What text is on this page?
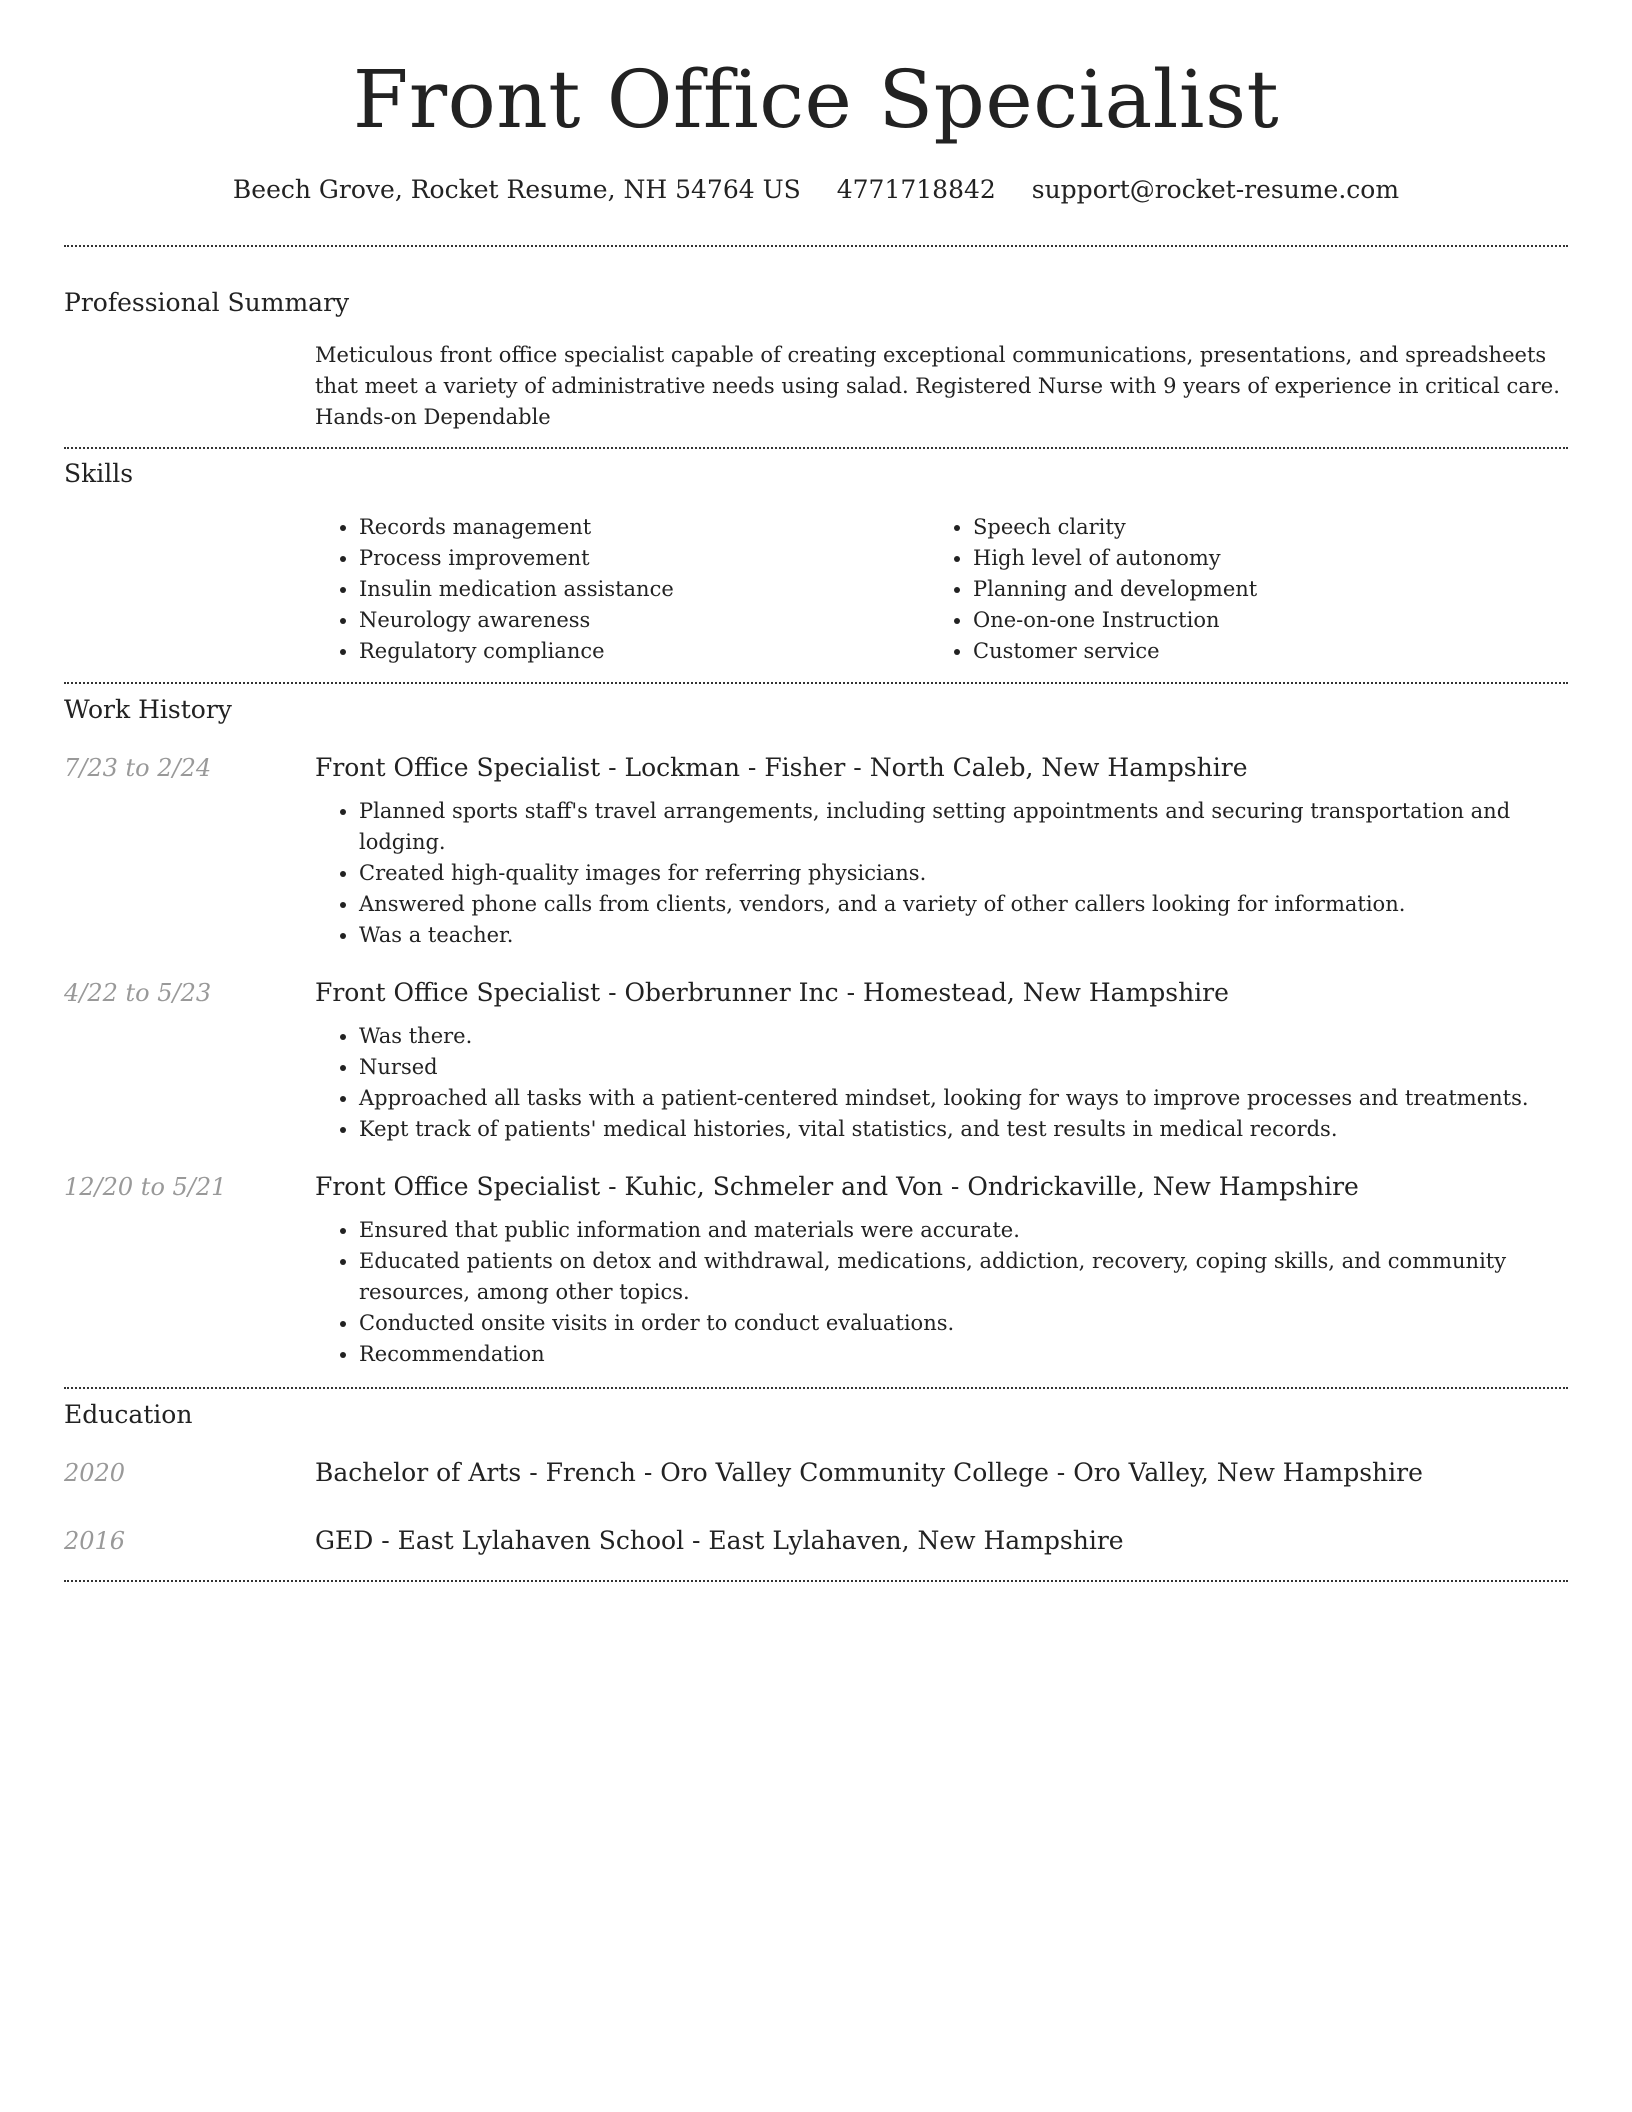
Front Office Specialist
Beech Grove, Rocket Resume, NH 54764 US 4771718842 support@rocket-resume.com
Professional Summary

Meticulous front office specialist capable of creating exceptional communications, presentations, and spreadsheets that meet a variety of administrative needs using salad. Registered Nurse with 9 years of experience in critical care. Hands-on Dependable

Skills
• Records management
• Process improvement
• Insulin medication assistance
• Neurology awareness
• Regulatory compliance
• Speech clarity
• High level of autonomy
• Planning and development
• One-on-one Instruction
• Customer service
Work History
7/23 to 2/24	Front Office Specialist - Lockman - Fisher - North Caleb, New Hampshire
• Planned sports staff's travel arrangements, including setting appointments and securing transportation and lodging.
• Created high-quality images for referring physicians.
• Answered phone calls from clients, vendors, and a variety of other callers looking for information.
• Was a teacher.
4/22 to 5/23	Front Office Specialist - Oberbrunner Inc - Homestead, New Hampshire
• Was there.
• Nursed
• Approached all tasks with a patient-centered mindset, looking for ways to improve processes and treatments.
• Kept track of patients' medical histories, vital statistics, and test results in medical records.
12/20 to 5/21	Front Office Specialist - Kuhic, Schmeler and Von - Ondrickaville, New Hampshire
• Ensured that public information and materials were accurate.
• Educated patients on detox and withdrawal, medications, addiction, recovery, coping skills, and community resources, among other topics.
• Conducted onsite visits in order to conduct evaluations.
• Recommendation
Education
2020	Bachelor of Arts - French - Oro Valley Community College - Oro Valley, New Hampshire
2016	GED - East Lylahaven School - East Lylahaven, New Hampshire
